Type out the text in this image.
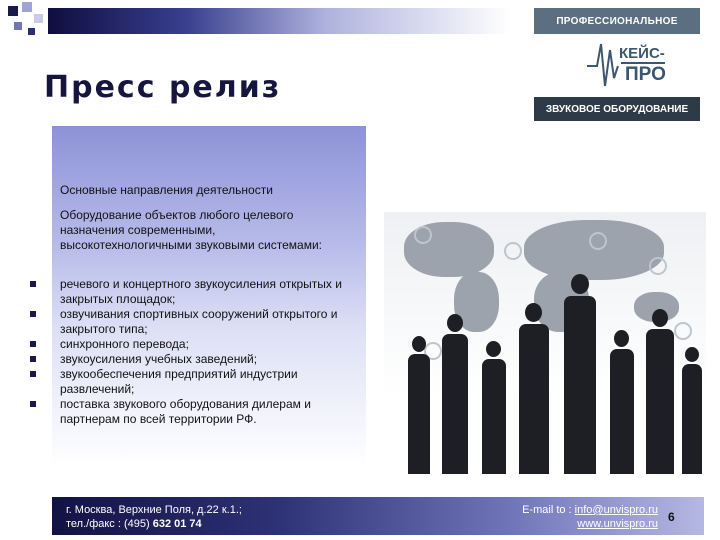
Пресс релиз
ПРОФЕССИОНАЛЬНОЕ
КЕЙС-
ПРО
ЗВУКОВОЕ ОБОРУДОВАНИЕ

Основные направления деятельности

Оборудование объектов любого целевого назначения современными, высокотехнологичными звуковыми системами:

речевого и концертного звукоусиления открытых и закрытых площадок;
озвучивания спортивных сооружений открытого и закрытого типа;
синхронного перевода;
звукоусиления учебных заведений;
звукообеспечения предприятий индустрии развлечений;
поставка звукового оборудования дилерам и партнерам по всей территории РФ.
г. Москва, Верхние Поля, д.22 к.1.;
тел./факс : (495) 632 01 74
E-mail to : info@unvispro.ru
www.unvispro.ru 6
